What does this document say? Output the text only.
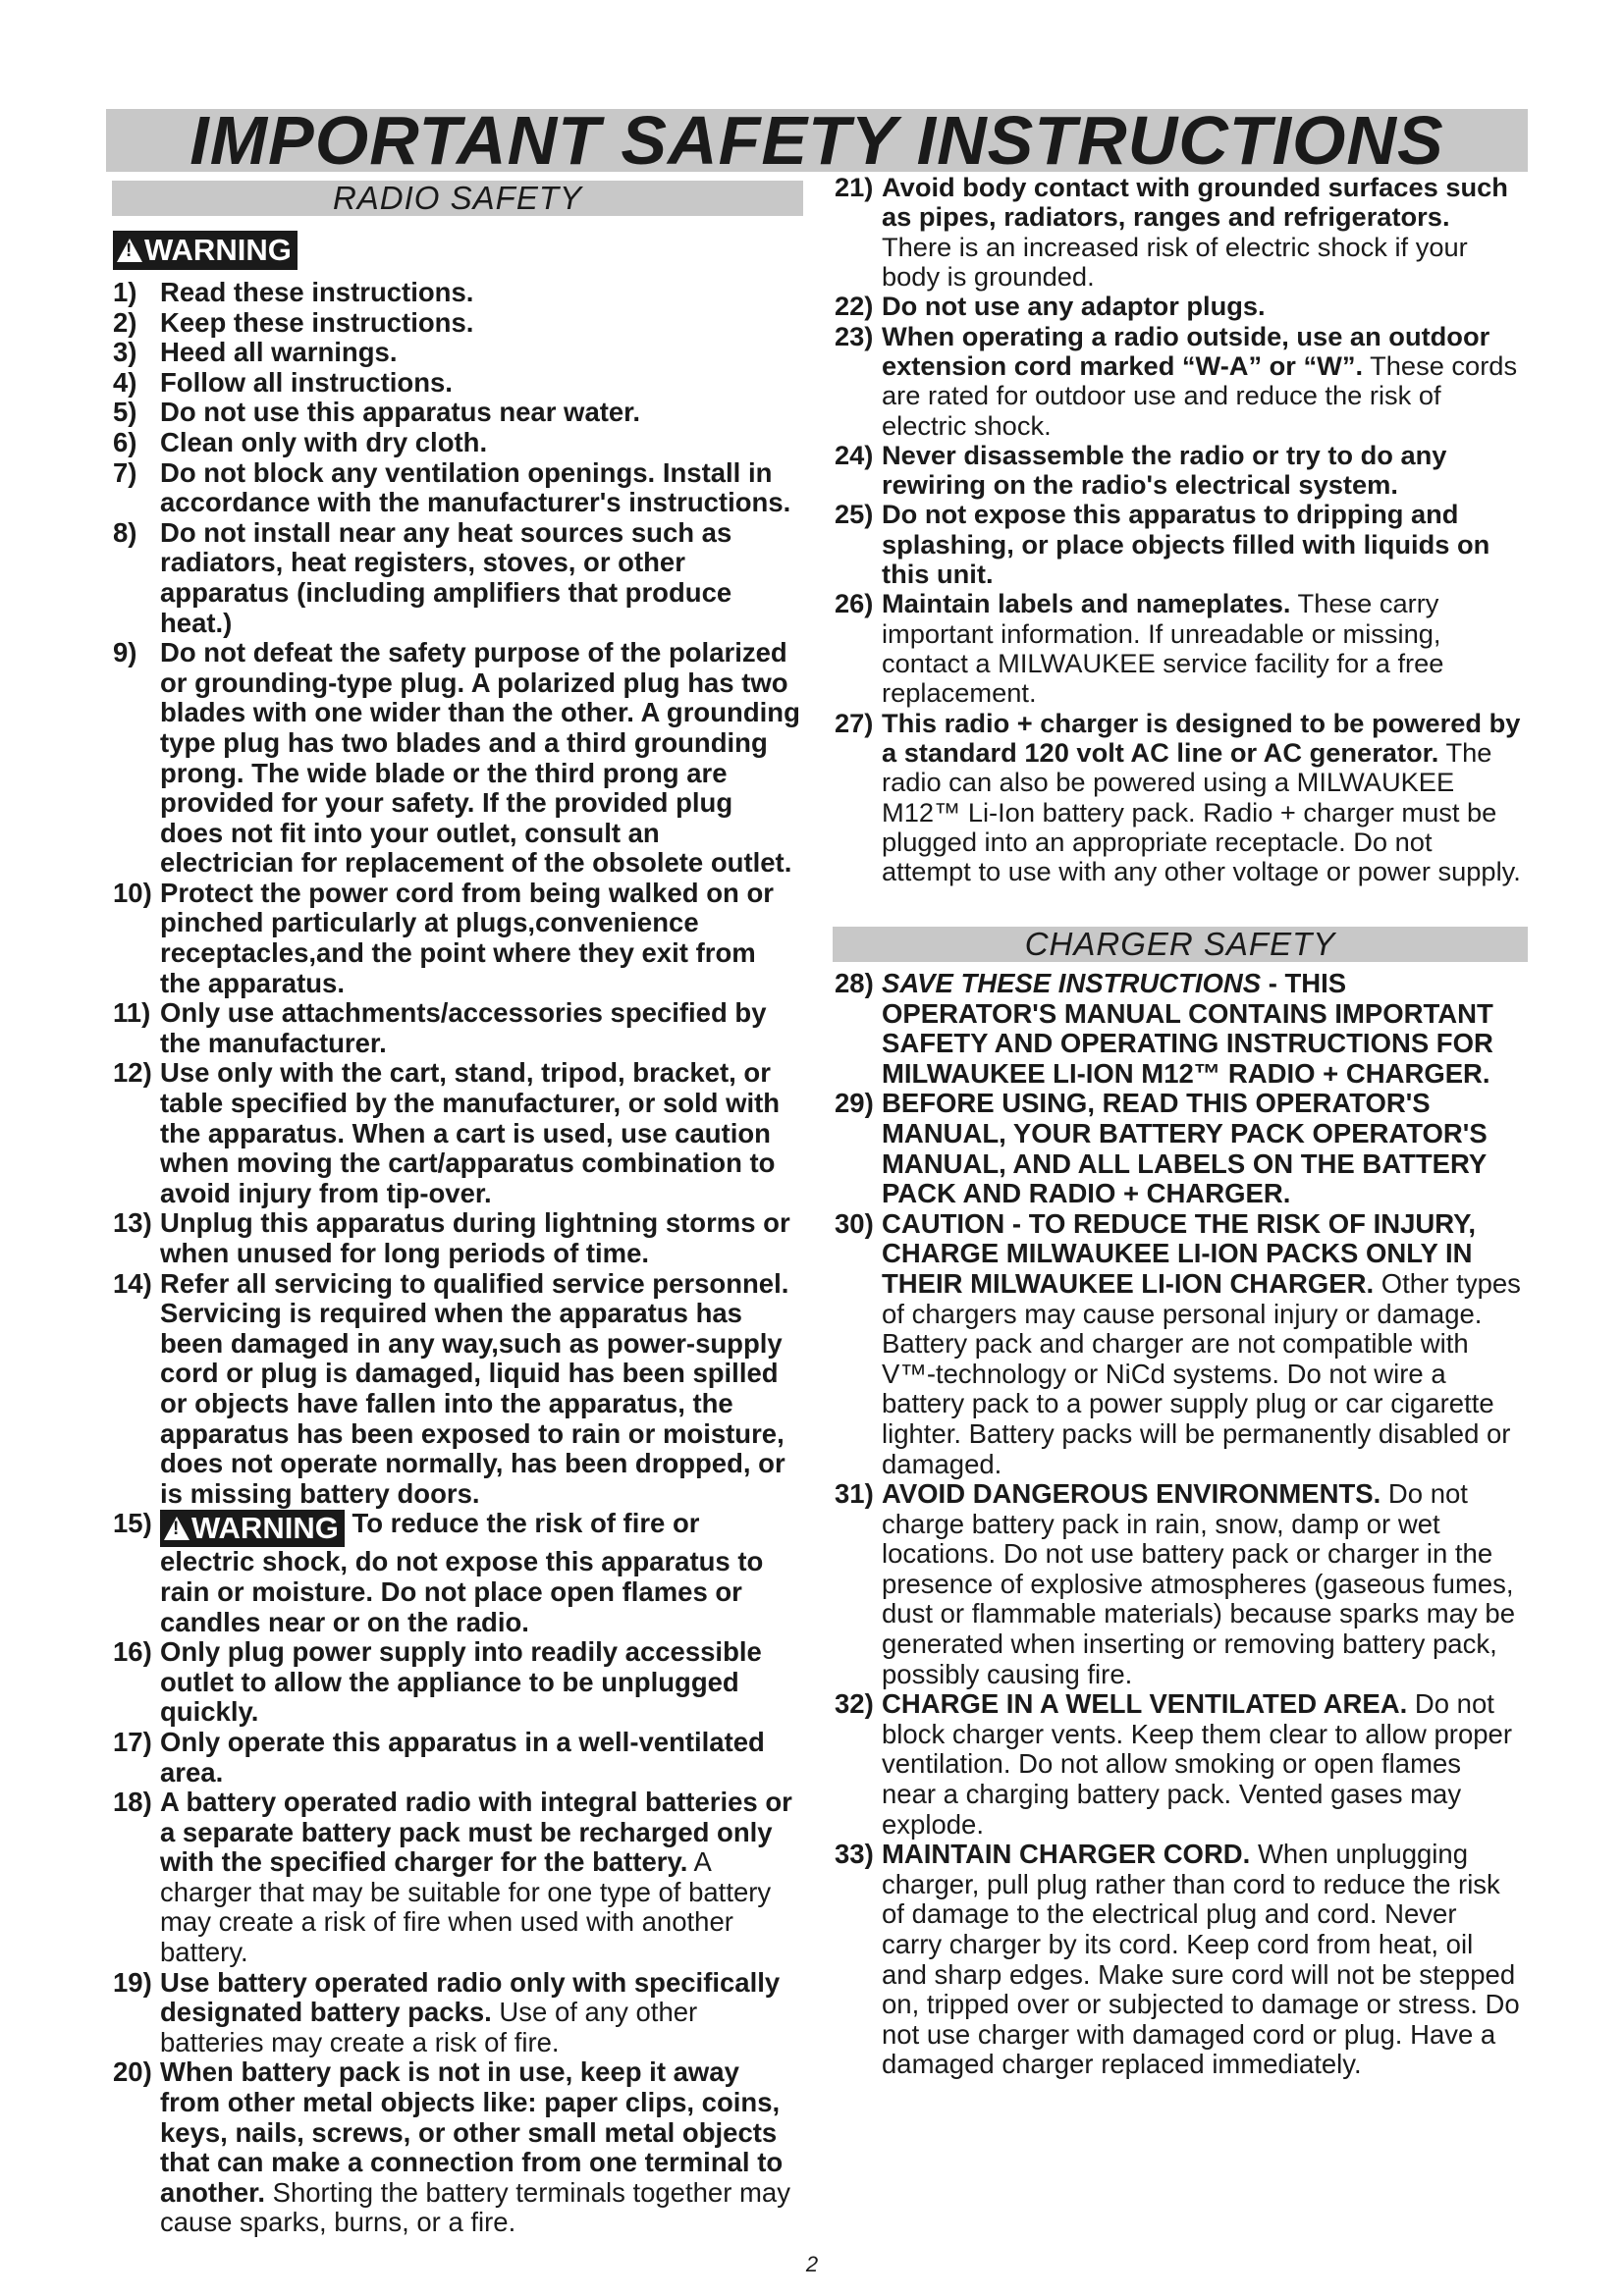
IMPORTANT SAFETY INSTRUCTIONS
RADIO SAFETY
!WARNING
1) Read these instructions.
2) Keep these instructions.
3) Heed all warnings.
4) Follow all instructions.
5) Do not use this apparatus near water.
6) Clean only with dry cloth.
7) Do not block any ventilation openings. Install in accordance with the manufacturer's instructions.
8) Do not install near any heat sources such as radiators, heat registers, stoves, or other apparatus (including amplifiers that produce heat.)
9) Do not defeat the safety purpose of the polarized or grounding-type plug. A polarized plug has two blades with one wider than the other. A grounding type plug has two blades and a third grounding prong. The wide blade or the third prong are provided for your safety. If the provided plug does not fit into your outlet, consult an electrician for replacement of the obsolete outlet.
10) Protect the power cord from being walked on or pinched particularly at plugs,convenience receptacles,and the point where they exit from the apparatus.
11) Only use attachments/accessories specified by the manufacturer.
12) Use only with the cart, stand, tripod, bracket, or table specified by the manufacturer, or sold with the apparatus. When a cart is used, use caution when moving the cart/apparatus combination to avoid injury from tip-over.
13) Unplug this apparatus during lightning storms or when unused for long periods of time.
14) Refer all servicing to qualified service personnel. Servicing is required when the apparatus has been damaged in any way,such as power-supply cord or plug is damaged, liquid has been spilled or objects have fallen into the apparatus, the apparatus has been exposed to rain or moisture, does not operate normally, has been dropped, or is missing battery doors.
15)
! WARNING To reduce the risk of fire or electric shock, do not expose this apparatus to rain or moisture. Do not place open flames or candles near or on the radio.
16) Only plug power supply into readily accessible outlet to allow the appliance to be unplugged quickly.
17) Only operate this apparatus in a well-ventilated area.
18) A battery operated radio with integral batteries or a separate battery pack must be recharged only with the specified charger for the battery. A charger that may be suitable for one type of battery may create a risk of fire when used with another battery.
19) Use battery operated radio only with specifically designated battery packs. Use of any other batteries may create a risk of fire.
20) When battery pack is not in use, keep it away from other metal objects like: paper clips, coins, keys, nails, screws, or other small metal objects that can make a connection from one terminal to another. Shorting the battery terminals together may cause sparks, burns, or a fire.
21) Avoid body contact with grounded surfaces such as pipes, radiators, ranges and refrigerators. There is an increased risk of electric shock if your body is grounded.
22) Do not use any adaptor plugs.
23) When operating a radio outside, use an outdoor extension cord marked “W-A” or “W”. These cords are rated for outdoor use and reduce the risk of electric shock.
24) Never disassemble the radio or try to do any rewiring on the radio's electrical system.
25) Do not expose this apparatus to dripping and splashing, or place objects filled with liquids on this unit.
26) Maintain labels and nameplates. These carry important information. If unreadable or missing, contact a MILWAUKEE service facility for a free replacement.
27) This radio + charger is designed to be powered by a standard 120 volt AC line or AC generator. The radio can also be powered using a MILWAUKEE M12™ Li-Ion battery pack. Radio + charger must be plugged into an appropriate receptacle. Do not attempt to use with any other voltage or power supply.
CHARGER SAFETY
28) SAVE THESE INSTRUCTIONS - THIS OPERATOR'S MANUAL CONTAINS IMPORTANT SAFETY AND OPERATING INSTRUCTIONS FOR MILWAUKEE LI-ION M12™ RADIO + CHARGER.
29) BEFORE USING, READ THIS OPERATOR'S MANUAL, YOUR BATTERY PACK OPERATOR'S MANUAL, AND ALL LABELS ON THE BATTERY PACK AND RADIO + CHARGER.
30) CAUTION - TO REDUCE THE RISK OF INJURY, CHARGE MILWAUKEE LI-ION PACKS ONLY IN THEIR MILWAUKEE LI-ION CHARGER. Other types of chargers may cause personal injury or damage. Battery pack and charger are not compatible with V™-technology or NiCd systems. Do not wire a battery pack to a power supply plug or car cigarette lighter. Battery packs will be permanently disabled or damaged.
31) AVOID DANGEROUS ENVIRONMENTS. Do not charge battery pack in rain, snow, damp or wet locations. Do not use battery pack or charger in the presence of explosive atmospheres (gaseous fumes, dust or flammable materials) because sparks may be generated when inserting or removing battery pack, possibly causing fire.
32) CHARGE IN A WELL VENTILATED AREA. Do not block charger vents. Keep them clear to allow proper ventilation. Do not allow smoking or open flames near a charging battery pack. Vented gases may explode.
33) MAINTAIN CHARGER CORD. When unplugging charger, pull plug rather than cord to reduce the risk of damage to the electrical plug and cord. Never carry charger by its cord. Keep cord from heat, oil and sharp edges. Make sure cord will not be stepped on, tripped over or subjected to damage or stress. Do not use charger with damaged cord or plug. Have a damaged charger replaced immediately.
2
